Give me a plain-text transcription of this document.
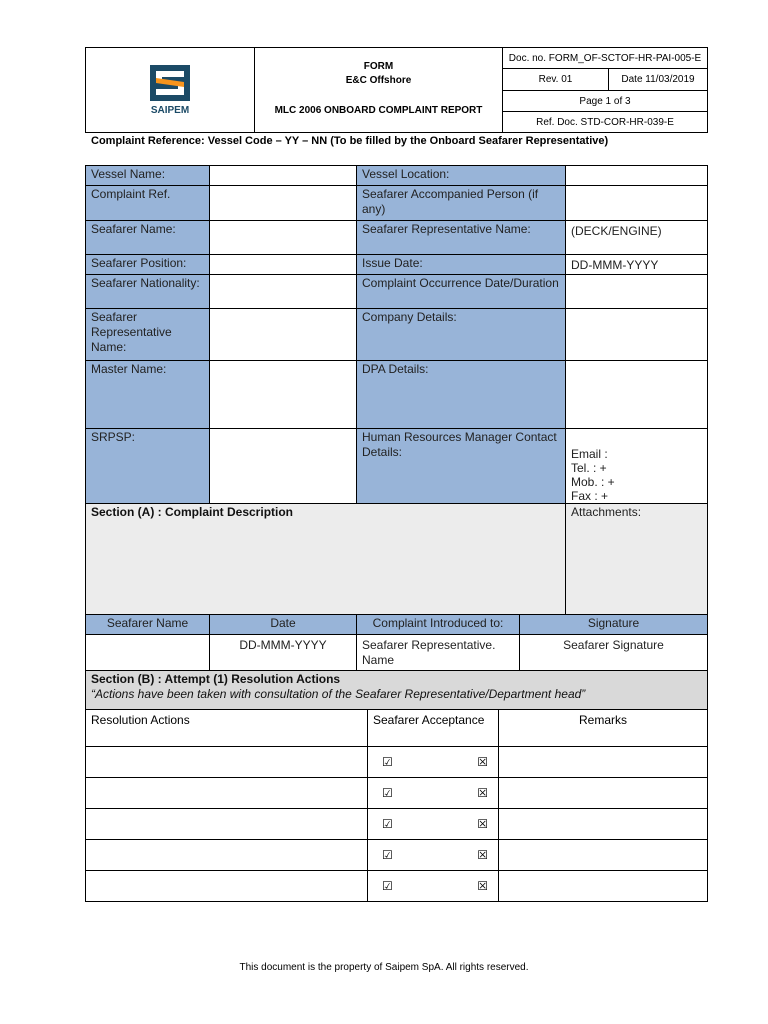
SAIPEM	FORM
E&C Offshore
MLC 2006 ONBOARD COMPLAINT REPORT	Doc. no. FORM_OF-SCTOF-HR-PAI-005-E	
		Rev. 01	Date 11/03/2019
		Page 1 of 3	
		Ref. Doc. STD-COR-HR-039-E	
Complaint Reference: Vessel Code – YY – NN (To be filled by the Onboard Seafarer Representative)
Vessel Name:		Vessel Location:		
Complaint Ref.		Seafarer Accompanied Person (if any)		
Seafarer Name:		Seafarer Representative Name:		(DECK/ENGINE)
Seafarer Position:		Issue Date:		DD-MMM-YYYY
Seafarer Nationality:		Complaint Occurrence Date/Duration		
Seafarer Representative Name:		Company Details:		
Master Name:		DPA Details:		
SRPSP:		Human Resources Manager Contact Details:		Email :
Tel. : +
Mob. : +
Fax : +

Section (A) : Complaint Description				Attachments:
Seafarer Name	Date	Complaint Introduced to:	Signature	
	DD-MMM-YYYY	Seafarer Representative. Name	Seafarer Signature	
Section (B) : Attempt (1) Resolution Actions
“Actions have been taken with consultation of the Seafarer Representative/Department head”		

Resolution Actions	Seafarer Acceptance	Remarks
	☑ ☒	
	☑ ☒	
	☑ ☒	
	☑ ☒	
	☑ ☒	
This document is the property of Saipem SpA. All rights reserved.
